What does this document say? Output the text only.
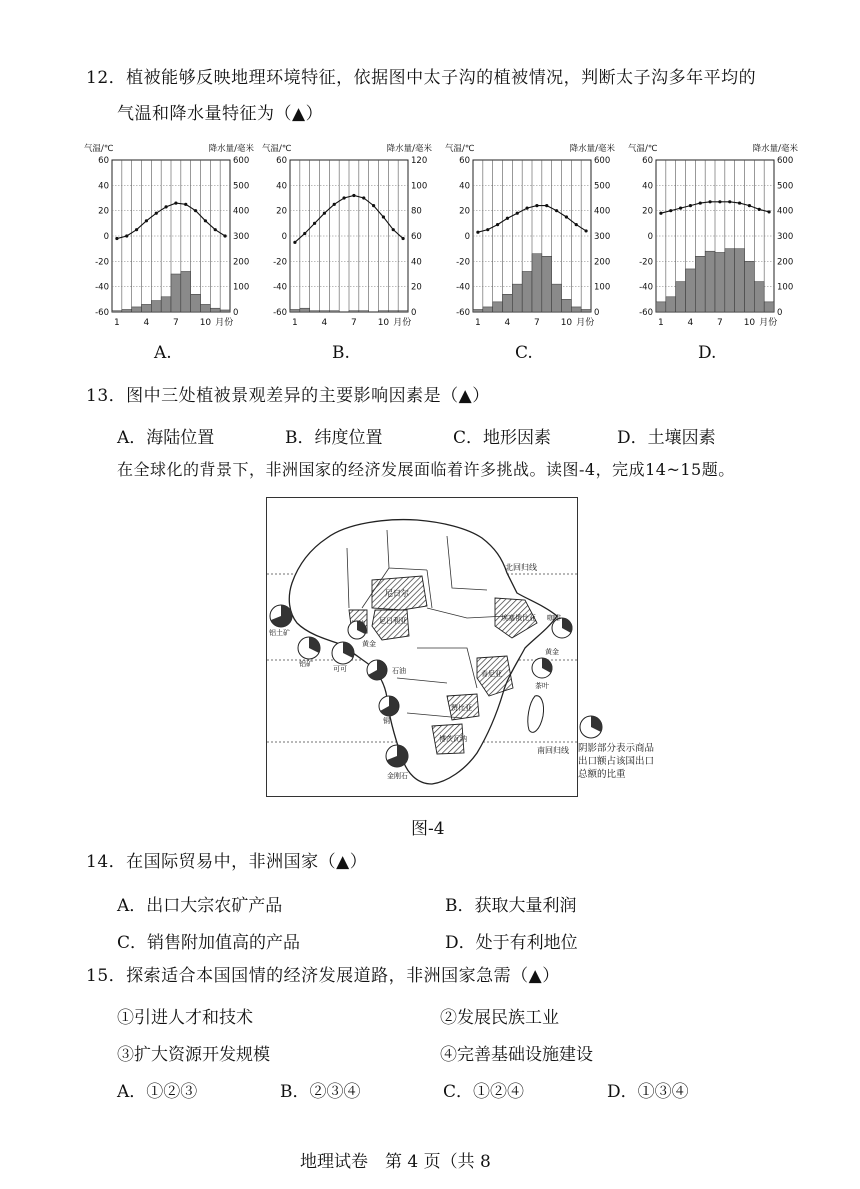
12．植被能够反映地理环境特征，依据图中太子沟的植被情况，判断太子沟多年平均的
气温和降水量特征为（▲）
气温/℃	降水量/毫米
60
40
20
0
-20
-40
-60
600
500
400
300
200
100
0
1	4	7 10 月份
A.
气温/℃	降水量/毫米
60
40
20
0
-20
-40
-60
120
100
80
60
40
20
0
1	4	7 10 月份
B.
气温/℃	降水量/毫米
60
40
20
0
-20
-40
-60
600
500
400
300
200
100
0
1	4	7 10 月份
C.
气温/℃	降水量/毫米
60
40
20
0
-20
-40
-60
600
500
400
300
200
100
0
1	4	7 10 月份
D.
13．图中三处植被景观差异的主要影响因素是（▲）
A．海陆位置	B．纬度位置	C．地形因素	D．土壤因素
在全球化的背景下，非洲国家的经济发展面临着许多挑战。读图-4，完成14~15题。
北回归线
南回归线
尼日尔
尼日利亚	埃塞俄比亚
肯尼亚
赞比亚
博茨瓦纳
铝土矿
铝矿
可可
黄金
石油
铜
金刚石
咖啡
茶叶
黄金
阴影部分表示商品出口额占该国出口总额的比重
图-4
14．在国际贸易中，非洲国家（▲）
A．出口大宗农矿产品	B．获取大量利润
C．销售附加值高的产品	D．处于有利地位
15．探索适合本国国情的经济发展道路，非洲国家急需（▲）
①引进人才和技术	②发展民族工业
③扩大资源开发规模	④完善基础设施建设
A．①②③	B．②③④	C．①②④	D．①③④
地理试卷　第 4 页（共 8
